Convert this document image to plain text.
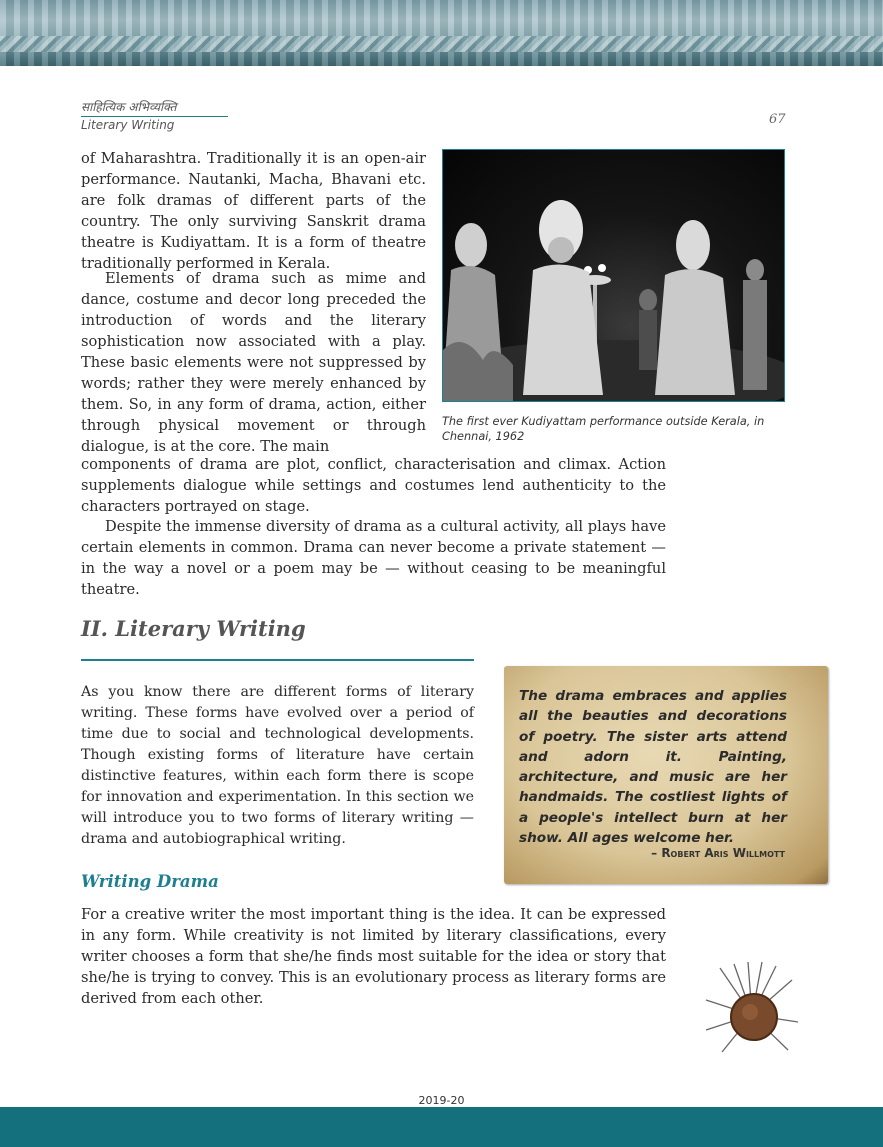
साहित्यिक अभिव्यक्ति
Literary Writing	67

of Maharashtra. Traditionally it is an open-air performance. Nautanki, Macha, Bhavani etc. are folk dramas of different parts of the country. The only surviving Sanskrit drama theatre is Kudiyattam. It is a form of theatre traditionally performed in Kerala.

Elements of drama such as mime and dance, costume and decor long preceded the introduction of words and the literary sophistication now associated with a play. These basic elements were not suppressed by words; rather they were merely enhanced by them. So, in any form of drama, action, either through physical movement or through dialogue, is at the core. The main

The first ever Kudiyattam performance outside Kerala, in Chennai, 1962

components of drama are plot, conflict, characterisation and climax. Action supplements dialogue while settings and costumes lend authenticity to the characters portrayed on stage.

Despite the immense diversity of drama as a cultural activity, all plays have certain elements in common. Drama can never become a private statement — in the way a novel or a poem may be — without ceasing to be meaningful theatre.

II. Literary Writing

As you know there are different forms of literary writing. These forms have evolved over a period of time due to social and technological developments. Though existing forms of literature have certain distinctive features, within each form there is scope for innovation and experimentation. In this section we will introduce you to two forms of literary writing — drama and autobiographical writing.

The drama embraces and applies all the beauties and decorations of poetry. The sister arts attend and adorn it. Painting, architecture, and music are her handmaids. The costliest lights of a people's intellect burn at her show. All ages welcome her.

– Robert Aris Willmott
Writing Drama

For a creative writer the most important thing is the idea. It can be expressed in any form. While creativity is not limited by literary classifications, every writer chooses a form that she/he finds most suitable for the idea or story that she/he is trying to convey. This is an evolutionary process as literary forms are derived from each other.

2019-20
